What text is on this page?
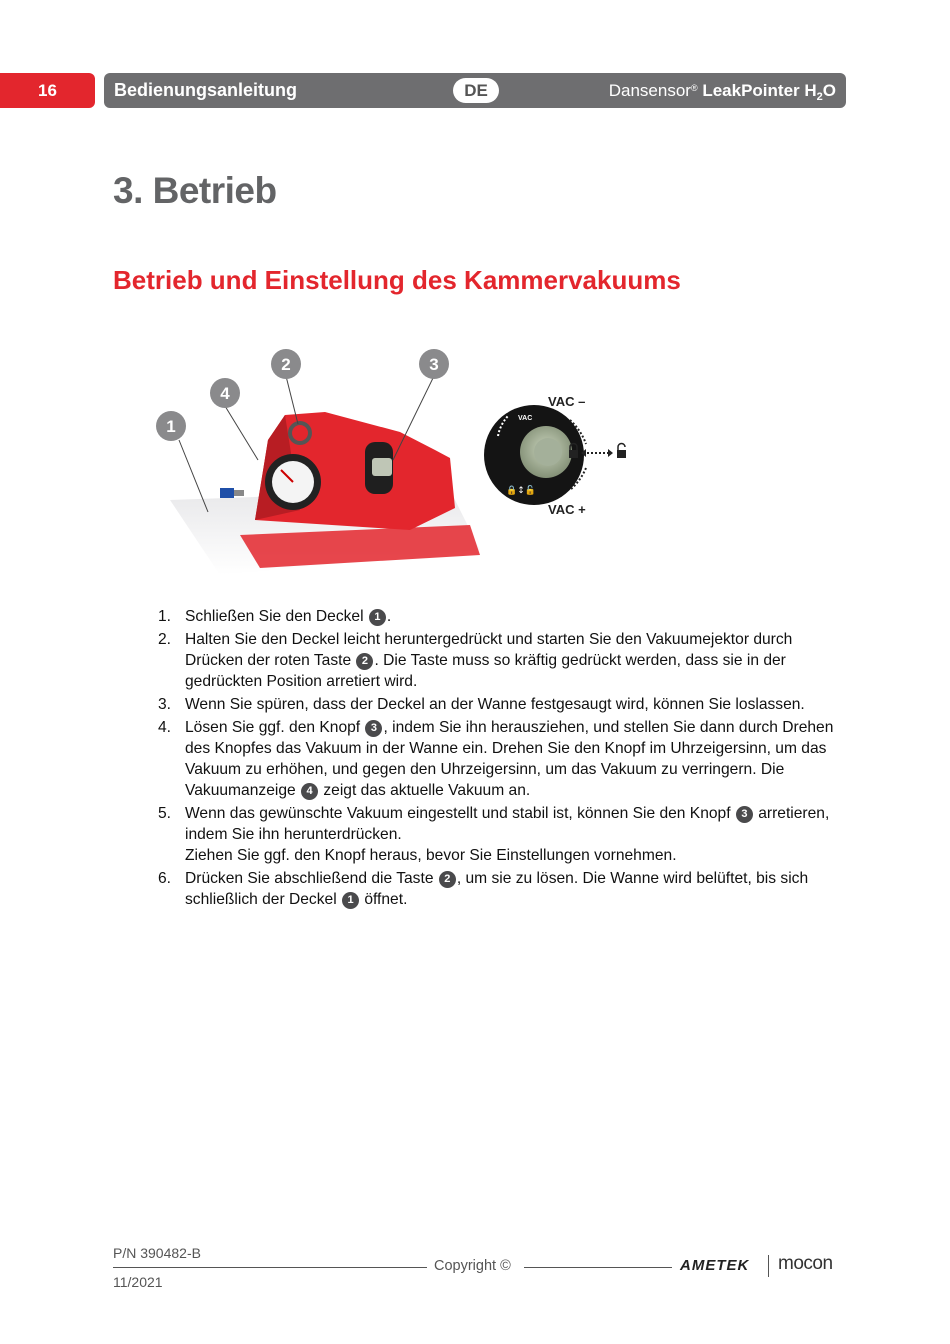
16	Bedienungsanleitung	DE	Dansensor® LeakPointer $H_2O$
3. Betrieb
Betrieb und Einstellung des Kammervakuums
1
4
2	3
VAC
🔒↕🔓
VAC –
VAC +
1. Schließen Sie den Deckel 1 .
2. Halten Sie den Deckel leicht heruntergedrückt und starten Sie den Vakuumejektor durch Drücken der roten Taste 2 . Die Taste muss so kräftig gedrückt werden, dass sie in der gedrückten Position arretiert wird.
3. Wenn Sie spüren, dass der Deckel an der Wanne festgesaugt wird, können Sie loslassen.
4. Lösen Sie ggf. den Knopf 3 , indem Sie ihn herausziehen, und stellen Sie dann durch Drehen des Knopfes das Vakuum in der Wanne ein. Drehen Sie den Knopf im Uhrzeigersinn, um das Vakuum zu erhöhen, und gegen den Uhrzeigersinn, um das Vakuum zu verringern. Die Vakuumanzeige 4 zeigt das aktuelle Vakuum an.
5. Wenn das gewünschte Vakuum eingestellt und stabil ist, können Sie den Knopf 3 arretieren, indem Sie ihn herunterdrücken.
Ziehen Sie ggf. den Knopf heraus, bevor Sie Einstellungen vornehmen.
6. Drücken Sie abschließend die Taste 2 , um sie zu lösen. Die Wanne wird belüftet, bis sich schließlich der Deckel 1 öffnet.
P/N 390482-B
11/2021
Copyright ©	AMETEK mocon
